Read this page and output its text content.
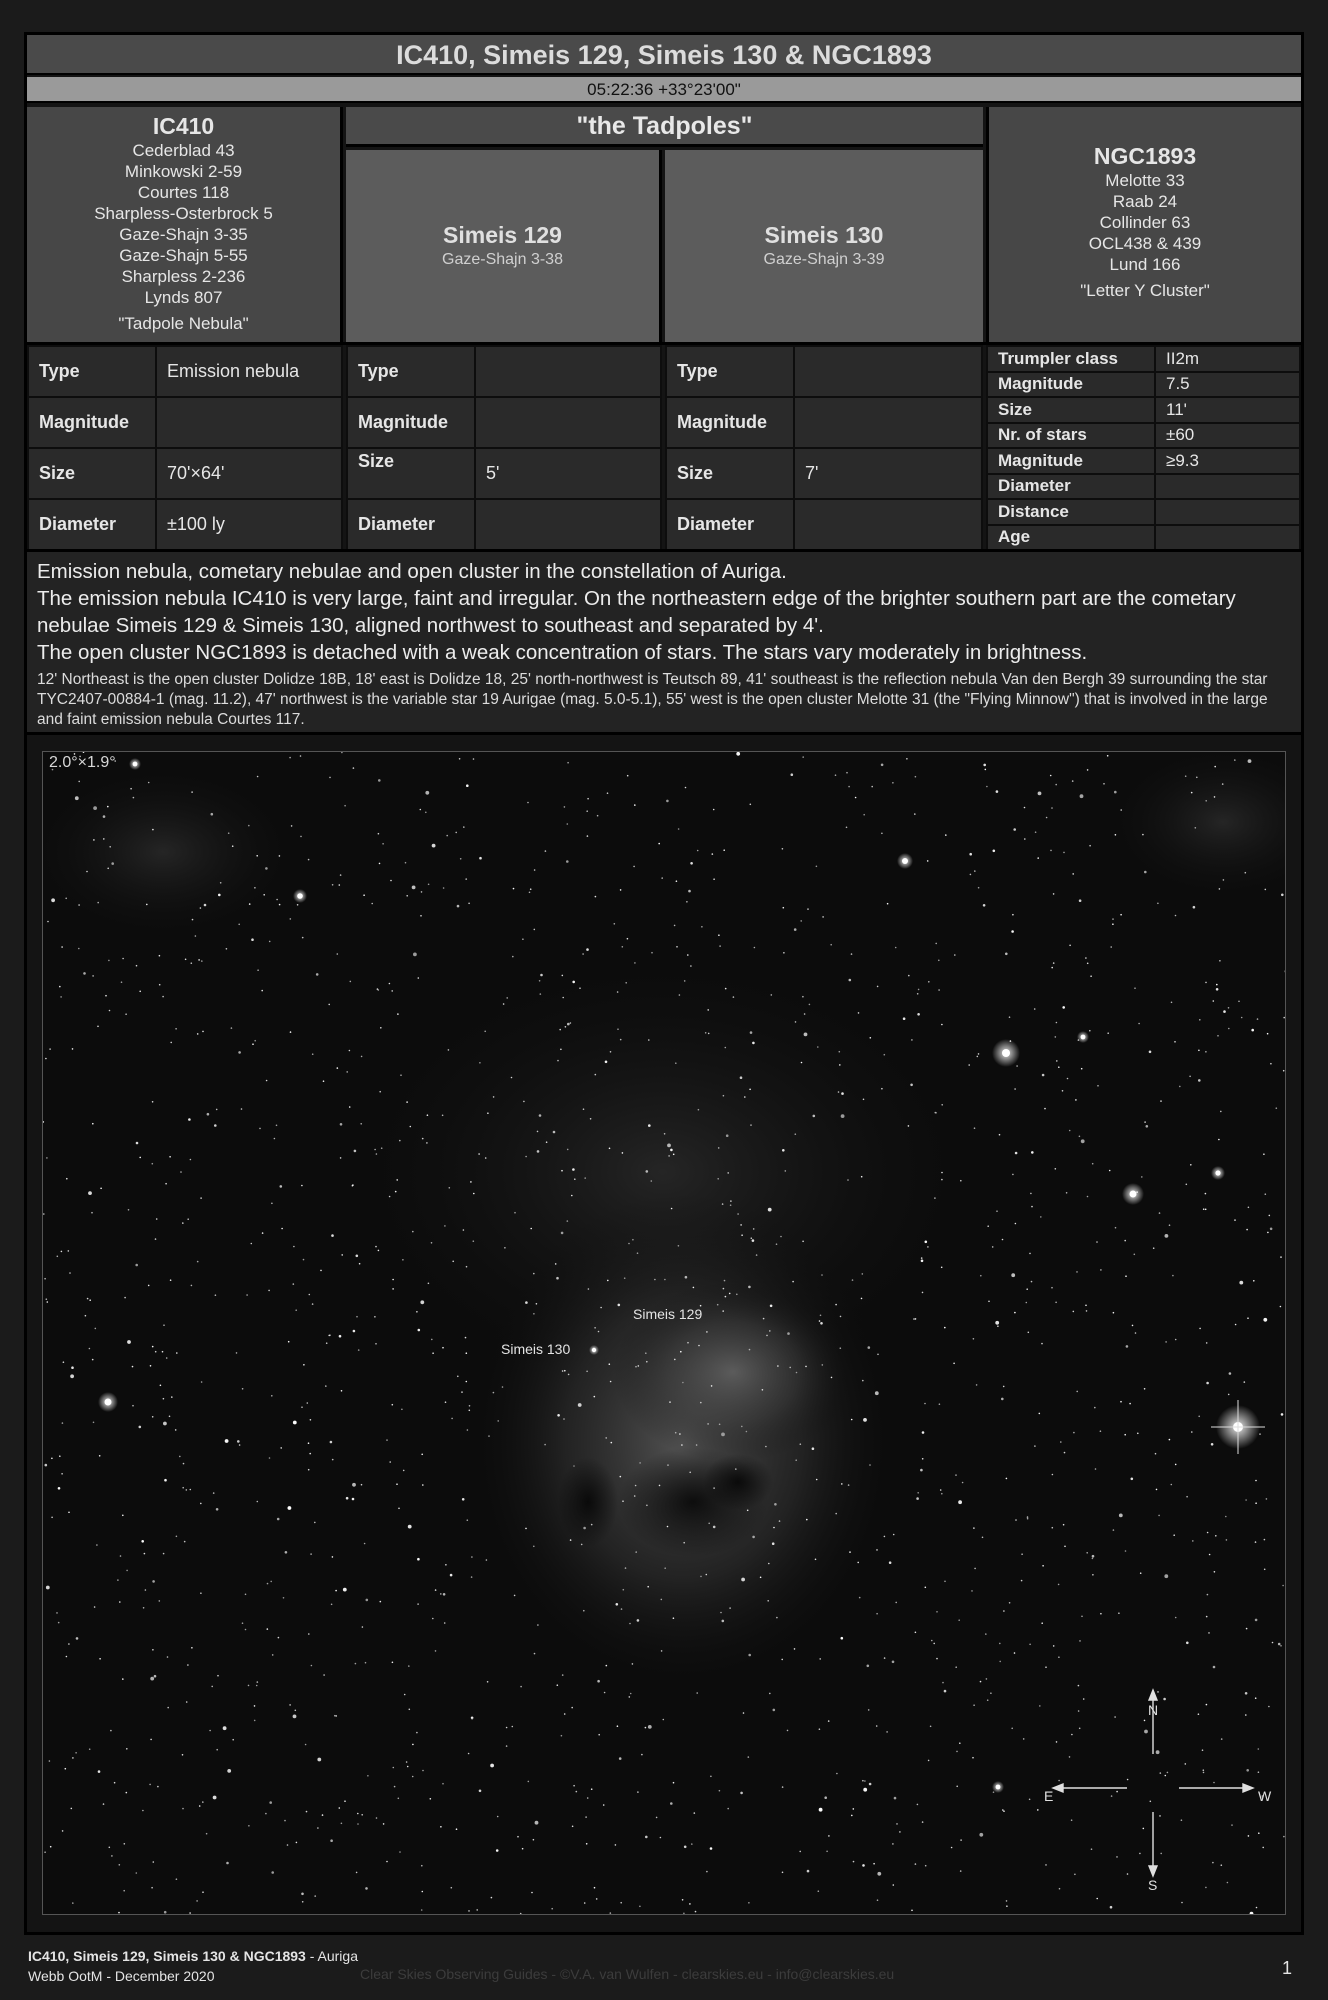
IC410, Simeis 129, Simeis 130 & NGC1893
05:22:36 +33°23'00"
IC410
Cederblad 43
Minkowski 2-59
Courtes 118
Sharpless-Osterbrock 5
Gaze-Shajn 3-35
Gaze-Shajn 5-55
Sharpless 2-236
Lynds 807
"Tadpole Nebula"
"the Tadpoles"
Simeis 129
Gaze-Shajn 3-38
Simeis 130
Gaze-Shajn 3-39
NGC1893
Melotte 33
Raab 24
Collinder 63
OCL438 & 439
Lund 166
"Letter Y Cluster"
Type	Emission nebula
Magnitude	
Size	70'×64'
Diameter	±100 ly
Type	
Magnitude	
Size	5'
Diameter	
Type	
Magnitude	
Size	7'
Diameter	
Trumpler class	II2m
Magnitude	7.5
Size	11'
Nr. of stars	±60
Magnitude	≥9.3
Diameter	
Distance	
Age	

Emission nebula, cometary nebulae and open cluster in the constellation of Auriga.

The emission nebula IC410 is very large, faint and irregular. On the northeastern edge of the brighter southern part are the cometary nebulae Simeis 129 & Simeis 130, aligned northwest to southeast and separated by 4'.

The open cluster NGC1893 is detached with a weak concentration of stars. The stars vary moderately in brightness.

12' Northeast is the open cluster Dolidze 18B, 18' east is Dolidze 18, 25' north-northwest is Teutsch 89, 41' southeast is the reflection nebula Van den Bergh 39 surrounding the star TYC2407-00884-1 (mag. 11.2), 47' northwest is the variable star 19 Aurigae (mag. 5.0-5.1), 55' west is the open cluster Melotte 31 (the "Flying Minnow") that is involved in the large and faint emission nebula Courtes 117.

2.0°×1.9°
Simeis 129
Simeis 130
N
S
E	W
IC410, Simeis 129, Simeis 130 & NGC1893 - Auriga
Webb OotM - December 2020	Clear Skies Observing Guides - ©V.A. van Wulfen - clearskies.eu - info@clearskies.eu	1
